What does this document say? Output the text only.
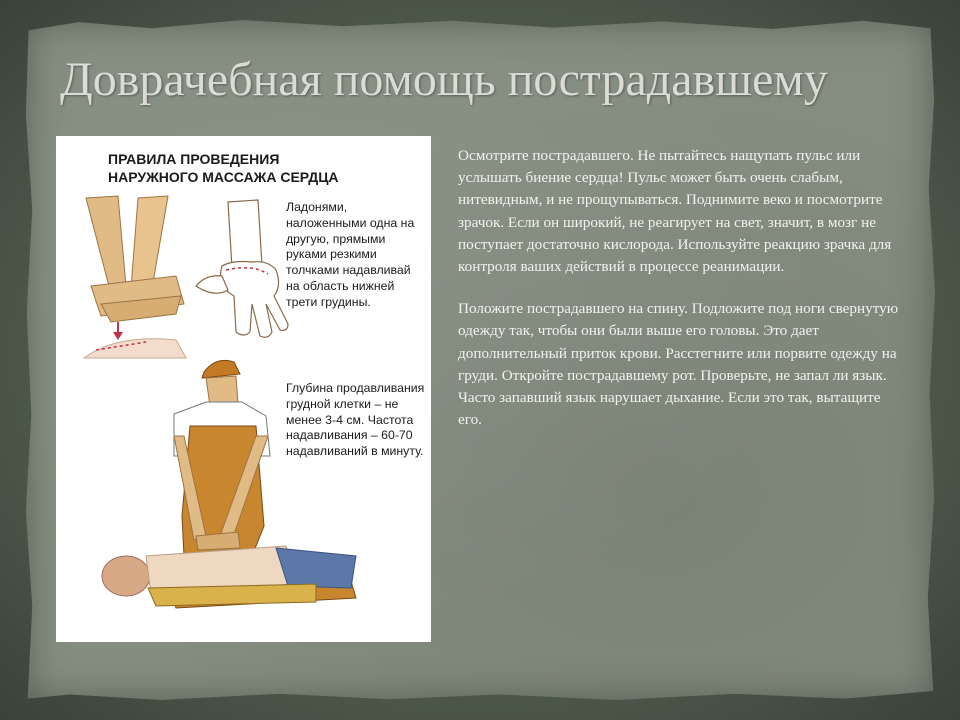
Доврачебная помощь пострадавшему
ПРАВИЛА ПРОВЕДЕНИЯ
НАРУЖНОГО МАССАЖА СЕРДЦА
Ладонями, наложенными одна на другую, прямыми руками резкими толчками надавливай на область нижней трети грудины.
Глубина продавливания грудной клетки – не менее 3-4 см. Частота надавливания – 60-70 надавливаний в минуту.

Осмотрите пострадавшего. Не пытайтесь нащупать пульс или услышать биение сердца! Пульс может быть очень слабым, нитевидным, и не прощупываться. Поднимите веко и посмотрите зрачок. Если он широкий, не реагирует на свет, значит, в мозг не поступает достаточно кислорода. Используйте реакцию зрачка для контроля ваших действий в процессе реанимации.

Положите пострадавшего на спину. Подложите под ноги свернутую одежду так, чтобы они были выше его головы. Это дает дополнительный приток крови. Расстегните или порвите одежду на груди. Откройте пострадавшему рот. Проверьте, не запал ли язык. Часто запавший язык нарушает дыхание. Если это так, вытащите его.
